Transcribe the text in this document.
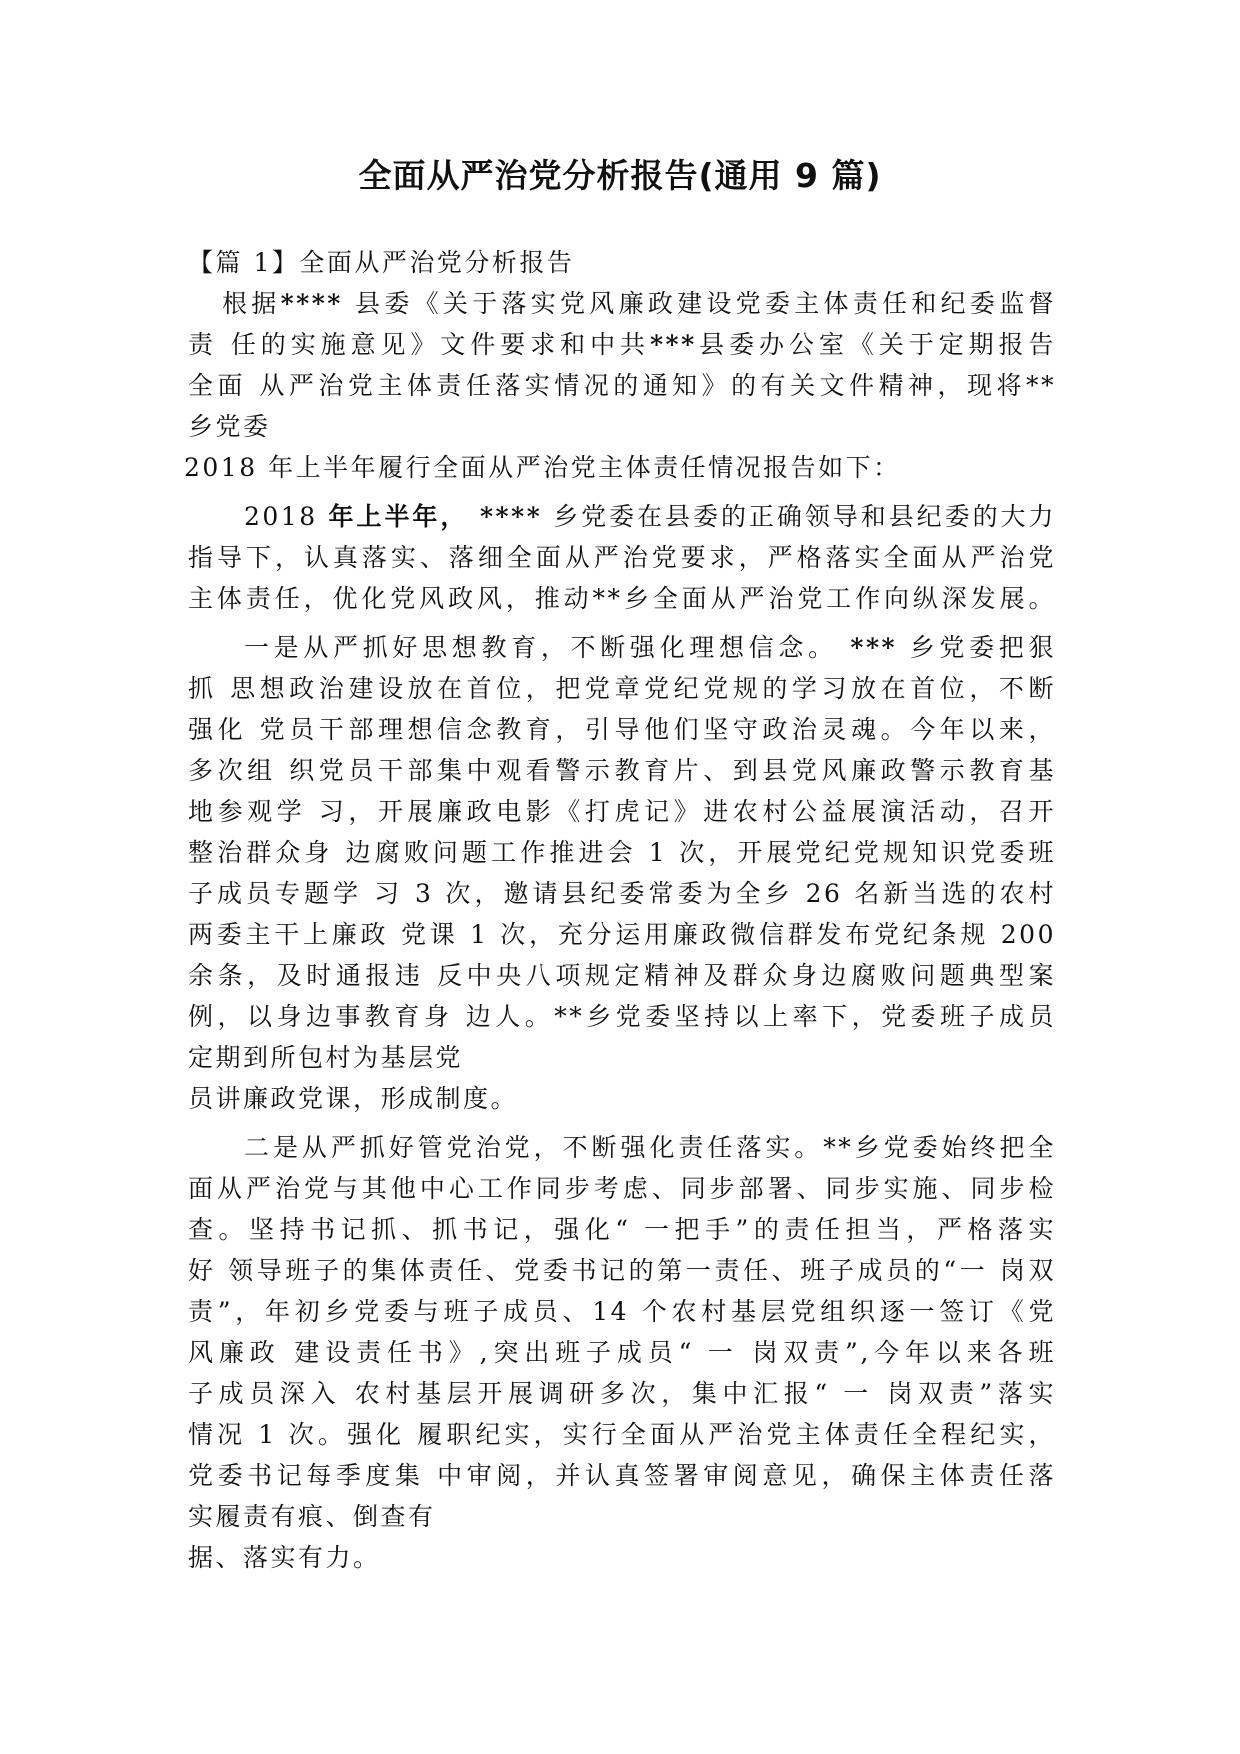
全面从严治党分析报告(通用 9 篇)
【篇 1】全面从严治党分析报告
根据**** 县委《关于落实党风廉政建设党委主体责任和纪委监督
责 任的实施意见》文件要求和中共***县委办公室《关于定期报告
全面 从严治党主体责任落实情况的通知》的有关文件精神，现将**
乡党委
2018 年上半年履行全面从严治党主体责任情况报告如下：
2018 年上半年， **** 乡党委在县委的正确领导和县纪委的大力
指导下，认真落实、落细全面从严治党要求，严格落实全面从严治党
主体责任，优化党风政风，推动**乡全面从严治党工作向纵深发展。
一是从严抓好思想教育，不断强化理想信念。 *** 乡党委把狠
抓 思想政治建设放在首位，把党章党纪党规的学习放在首位，不断
强化 党员干部理想信念教育，引导他们坚守政治灵魂。今年以来，
多次组 织党员干部集中观看警示教育片、到县党风廉政警示教育基
地参观学 习，开展廉政电影《打虎记》进农村公益展演活动，召开
整治群众身 边腐败问题工作推进会 1 次，开展党纪党规知识党委班
子成员专题学 习 3 次，邀请县纪委常委为全乡 26 名新当选的农村
两委主干上廉政 党课 1 次，充分运用廉政微信群发布党纪条规 200
余条，及时通报违 反中央八项规定精神及群众身边腐败问题典型案
例，以身边事教育身 边人。**乡党委坚持以上率下，党委班子成员
定期到所包村为基层党
员讲廉政党课，形成制度。
二是从严抓好管党治党，不断强化责任落实。**乡党委始终把全
面从严治党与其他中心工作同步考虑、同步部署、同步实施、同步检
查。坚持书记抓、抓书记，强化“ 一把手”的责任担当，严格落实
好 领导班子的集体责任、党委书记的第一责任、班子成员的“一 岗双
责”，年初乡党委与班子成员、14 个农村基层党组织逐一签订《党
风廉政 建设责任书》,突出班子成员“ 一 岗双责”,今年以来各班
子成员深入 农村基层开展调研多次，集中汇报“ 一 岗双责”落实
情况 1 次。强化 履职纪实，实行全面从严治党主体责任全程纪实，
党委书记每季度集 中审阅，并认真签署审阅意见，确保主体责任落
实履责有痕、倒查有
据、落实有力。
